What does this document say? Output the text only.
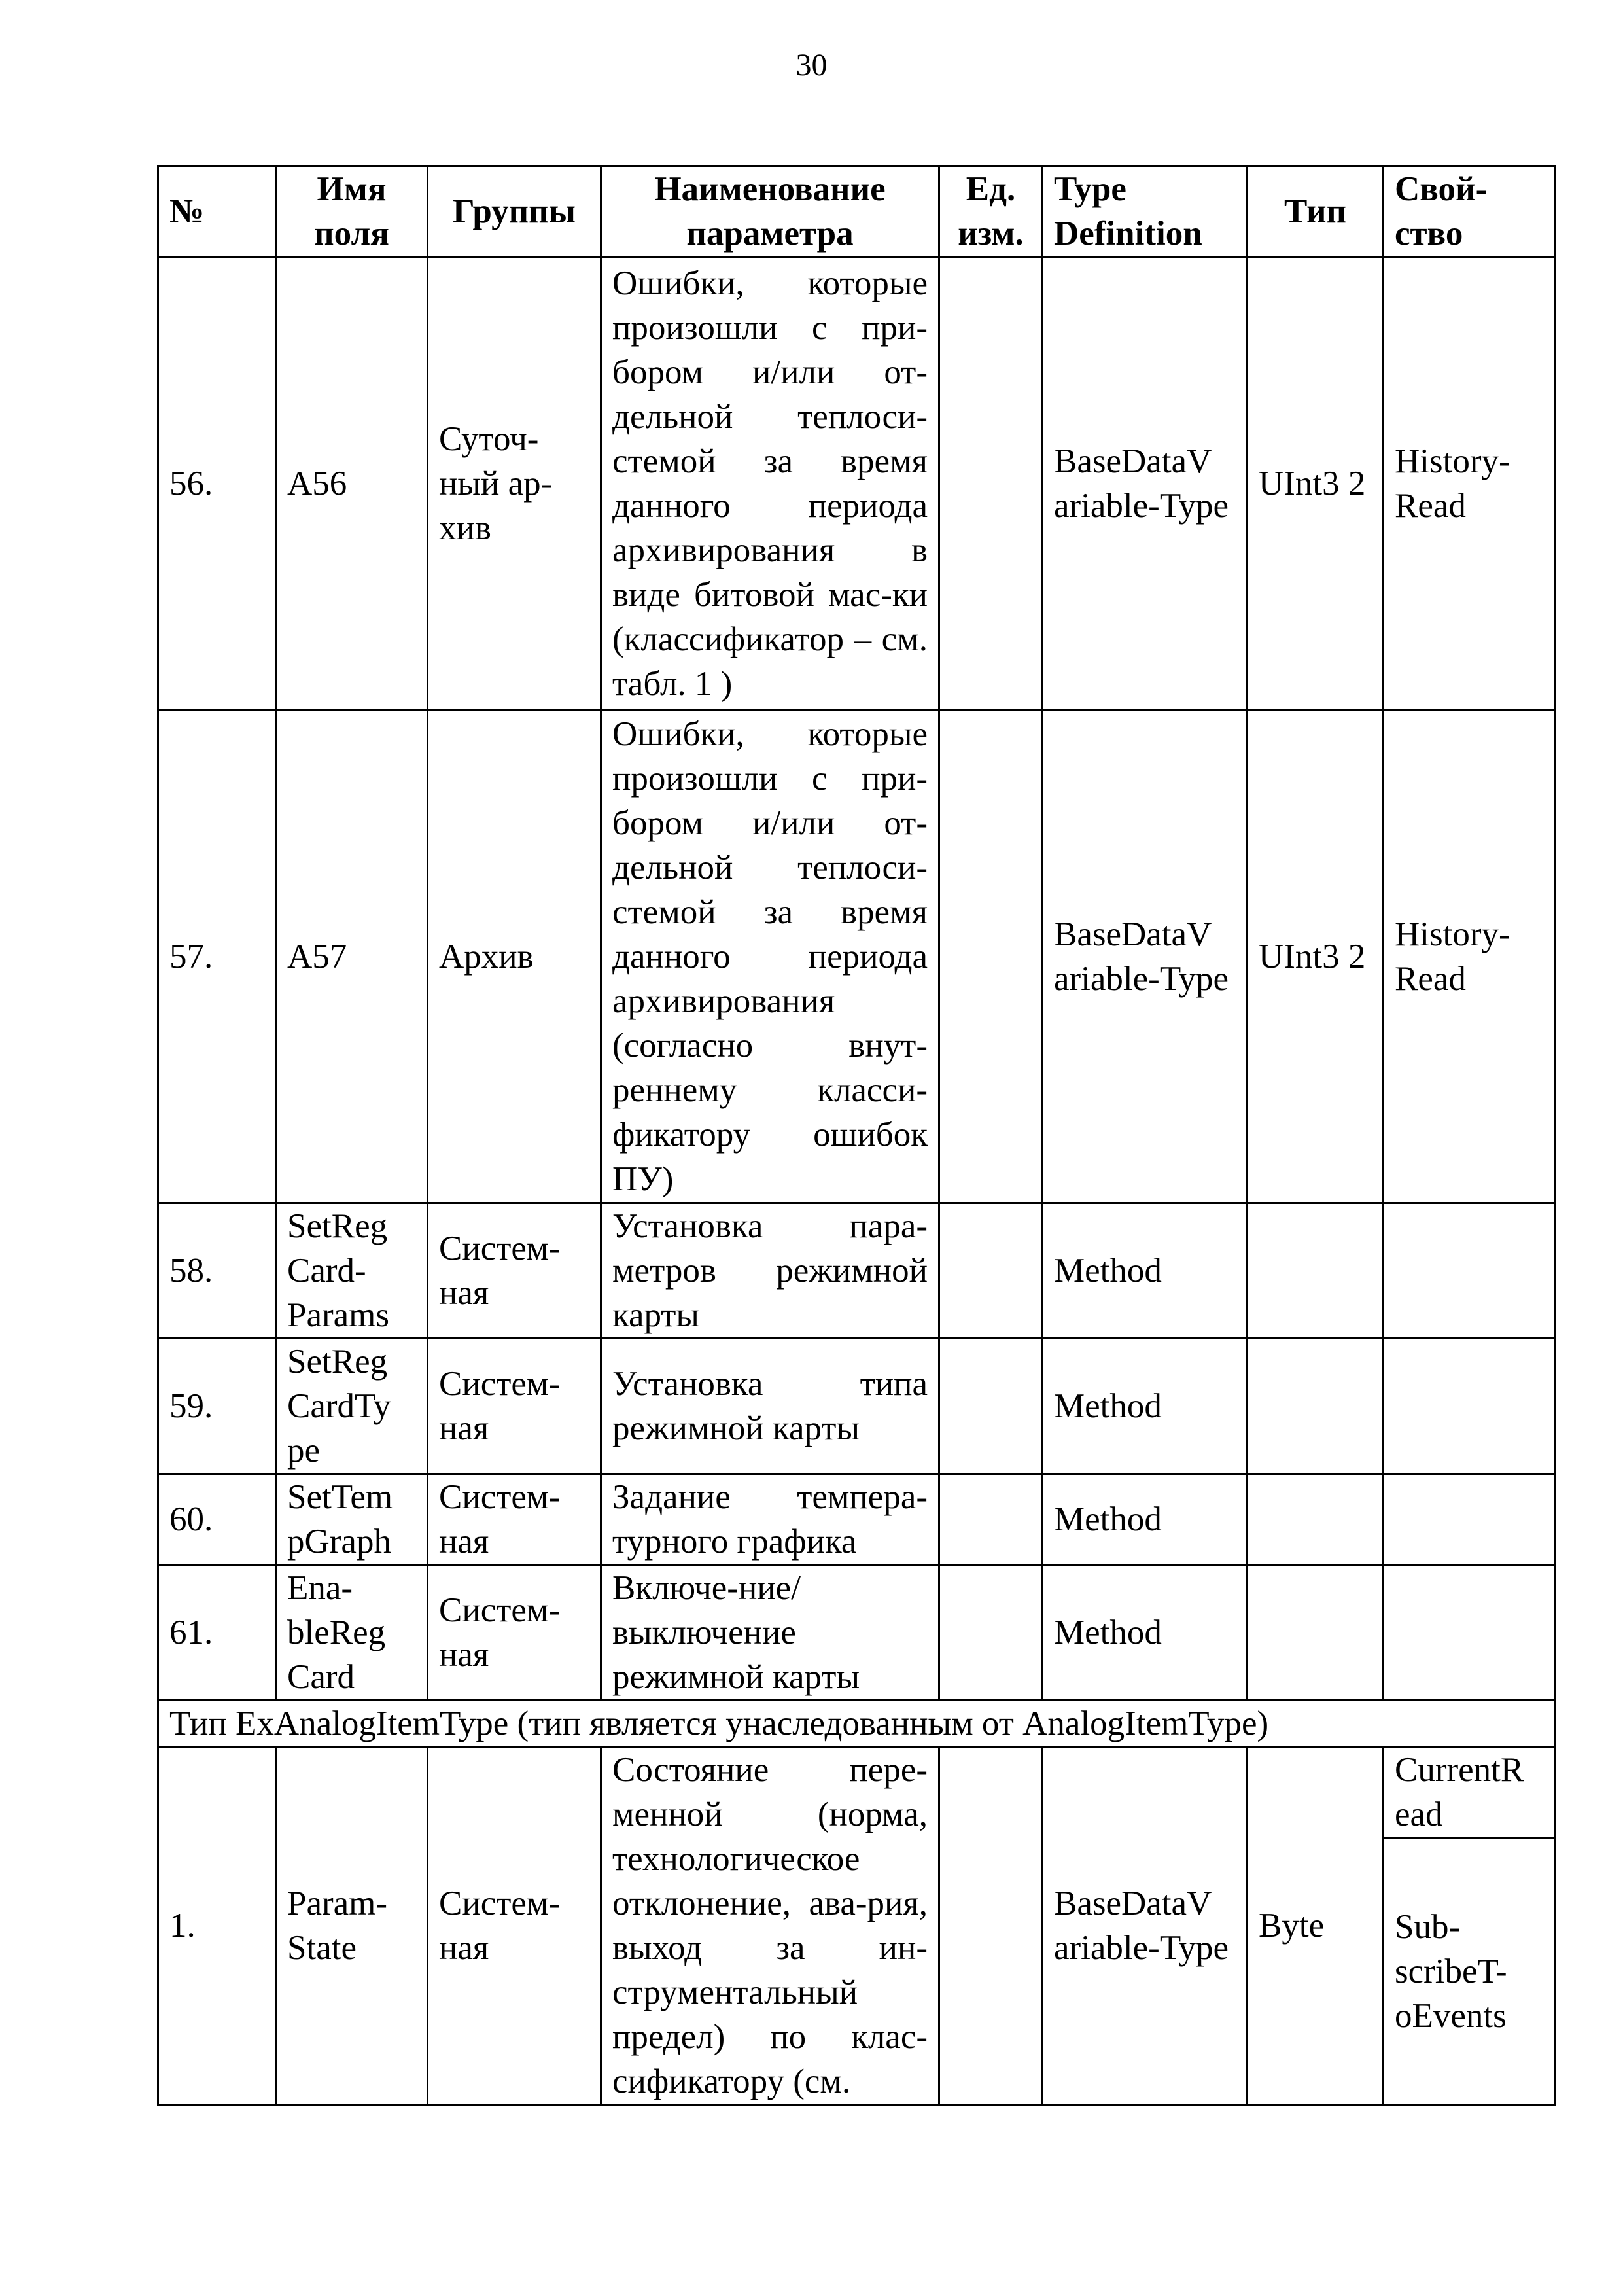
30
№	Имя поля	Группы	Наименование параметра	Ед. изм.	Type Definition	Тип	Свой-ство
56.	A56	Суточ-ный ар-хив	Ошибки, которые произошли с при-бором и/или от-дельной теплоси-стемой за время данного периода архивирования в виде битовой мас-ки (классификатор – см. табл. 1 )		BaseDataV ariable-Type	UInt3 2	History-Read
57.	A57	Архив	Ошибки, которые произошли с при-бором и/или от-дельной теплоси-стемой за время данного периода архивирования (согласно внут-реннему класси-фикатору ошибок ПУ)		BaseDataV ariable-Type	UInt3 2	History-Read
58.	SetReg Card-Params	Систем-ная	Установка пара-метров режимной карты		Method		
59.	SetReg CardTy pe	Систем-ная	Установка типа режимной карты		Method		
60.	SetTem pGraph	Систем-ная	Задание темпера-турного графика		Method		
61.	Ena-bleReg Card	Систем-ная	Включе-ние/выключение режимной карты		Method		
Тип ExAnalogItemType (тип является унаследованным от AnalogItemType)							
1.	Param-State	Систем-ная	Состояние пере-менной (норма, технологическое отклонение, ава-рия, выход за ин-струментальный предел) по клас-сификатору (см.		BaseDataV ariable-Type	Byte	CurrentR ead
							Sub-scribeT-oEvents
